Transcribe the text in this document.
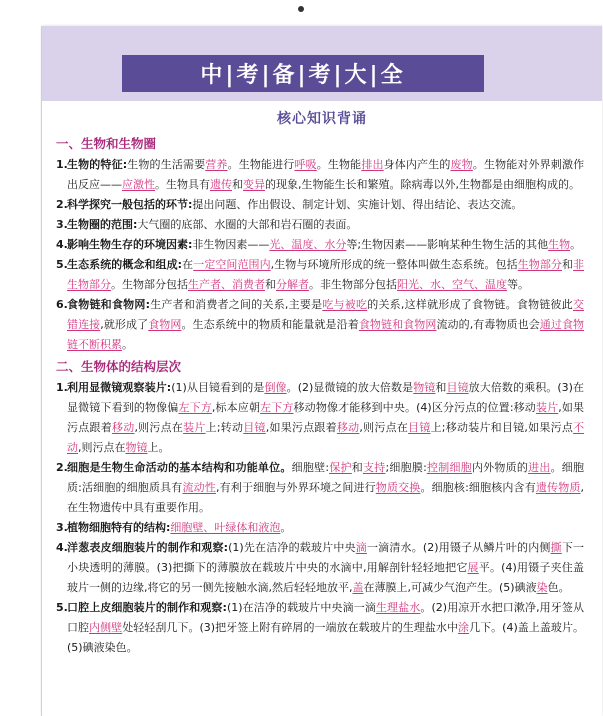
中|考|备|考|大|全
核心知识背诵
一、生物和生物圈
1. 生物的特征:生物的生活需要营养。生物能进行呼吸。生物能排出身体内产生的废物。生物能对外界刺激作出反应——应激性。生物具有遗传和变异的现象,生物能生长和繁殖。除病毒以外,生物都是由细胞构成的。
2. 科学探究一般包括的环节:提出问题、作出假设、制定计划、实施计划、得出结论、表达交流。
3. 生物圈的范围:大气圈的底部、水圈的大部和岩石圈的表面。
4. 影响生物生存的环境因素:非生物因素——光、温度、水分等;生物因素——影响某种生物生活的其他生物。
5. 生态系统的概念和组成:在一定空间范围内,生物与环境所形成的统一整体叫做生态系统。包括生物部分和非生物部分。生物部分包括生产者、消费者和分解者。非生物部分包括阳光、水、空气、温度等。
6. 食物链和食物网:生产者和消费者之间的关系,主要是吃与被吃的关系,这样就形成了食物链。食物链彼此交错连接,就形成了食物网。生态系统中的物质和能量就是沿着食物链和食物网流动的,有毒物质也会通过食物链不断积累。
二、生物体的结构层次
1. 利用显微镜观察装片:(1)从目镜看到的是倒像。(2)显微镜的放大倍数是物镜和目镜放大倍数的乘积。(3)在显微镜下看到的物像偏左下方,标本应朝左下方移动物像才能移到中央。(4)区分污点的位置:移动装片,如果污点跟着移动,则污点在装片上;转动目镜,如果污点跟着移动,则污点在目镜上;移动装片和目镜,如果污点不动,则污点在物镜上。
2. 细胞是生物生命活动的基本结构和功能单位。细胞壁:保护和支持;细胞膜:控制细胞内外物质的进出。细胞质:活细胞的细胞质具有流动性,有利于细胞与外界环境之间进行物质交换。细胞核:细胞核内含有遗传物质,在生物遗传中具有重要作用。
3. 植物细胞特有的结构:细胞壁、叶绿体和液泡。
4. 洋葱表皮细胞装片的制作和观察:(1)先在洁净的载玻片中央滴一滴清水。(2)用镊子从鳞片叶的内侧撕下一小块透明的薄膜。(3)把撕下的薄膜放在载玻片中央的水滴中,用解剖针轻轻地把它展平。(4)用镊子夹住盖玻片一侧的边缘,将它的另一侧先接触水滴,然后轻轻地放平,盖在薄膜上,可减少气泡产生。(5)碘液染色。
5. 口腔上皮细胞装片的制作和观察:(1)在洁净的载玻片中央滴一滴生理盐水。(2)用凉开水把口漱净,用牙签从口腔内侧壁处轻轻刮几下。(3)把牙签上附有碎屑的一端放在载玻片的生理盐水中涂几下。(4)盖上盖玻片。(5)碘液染色。
